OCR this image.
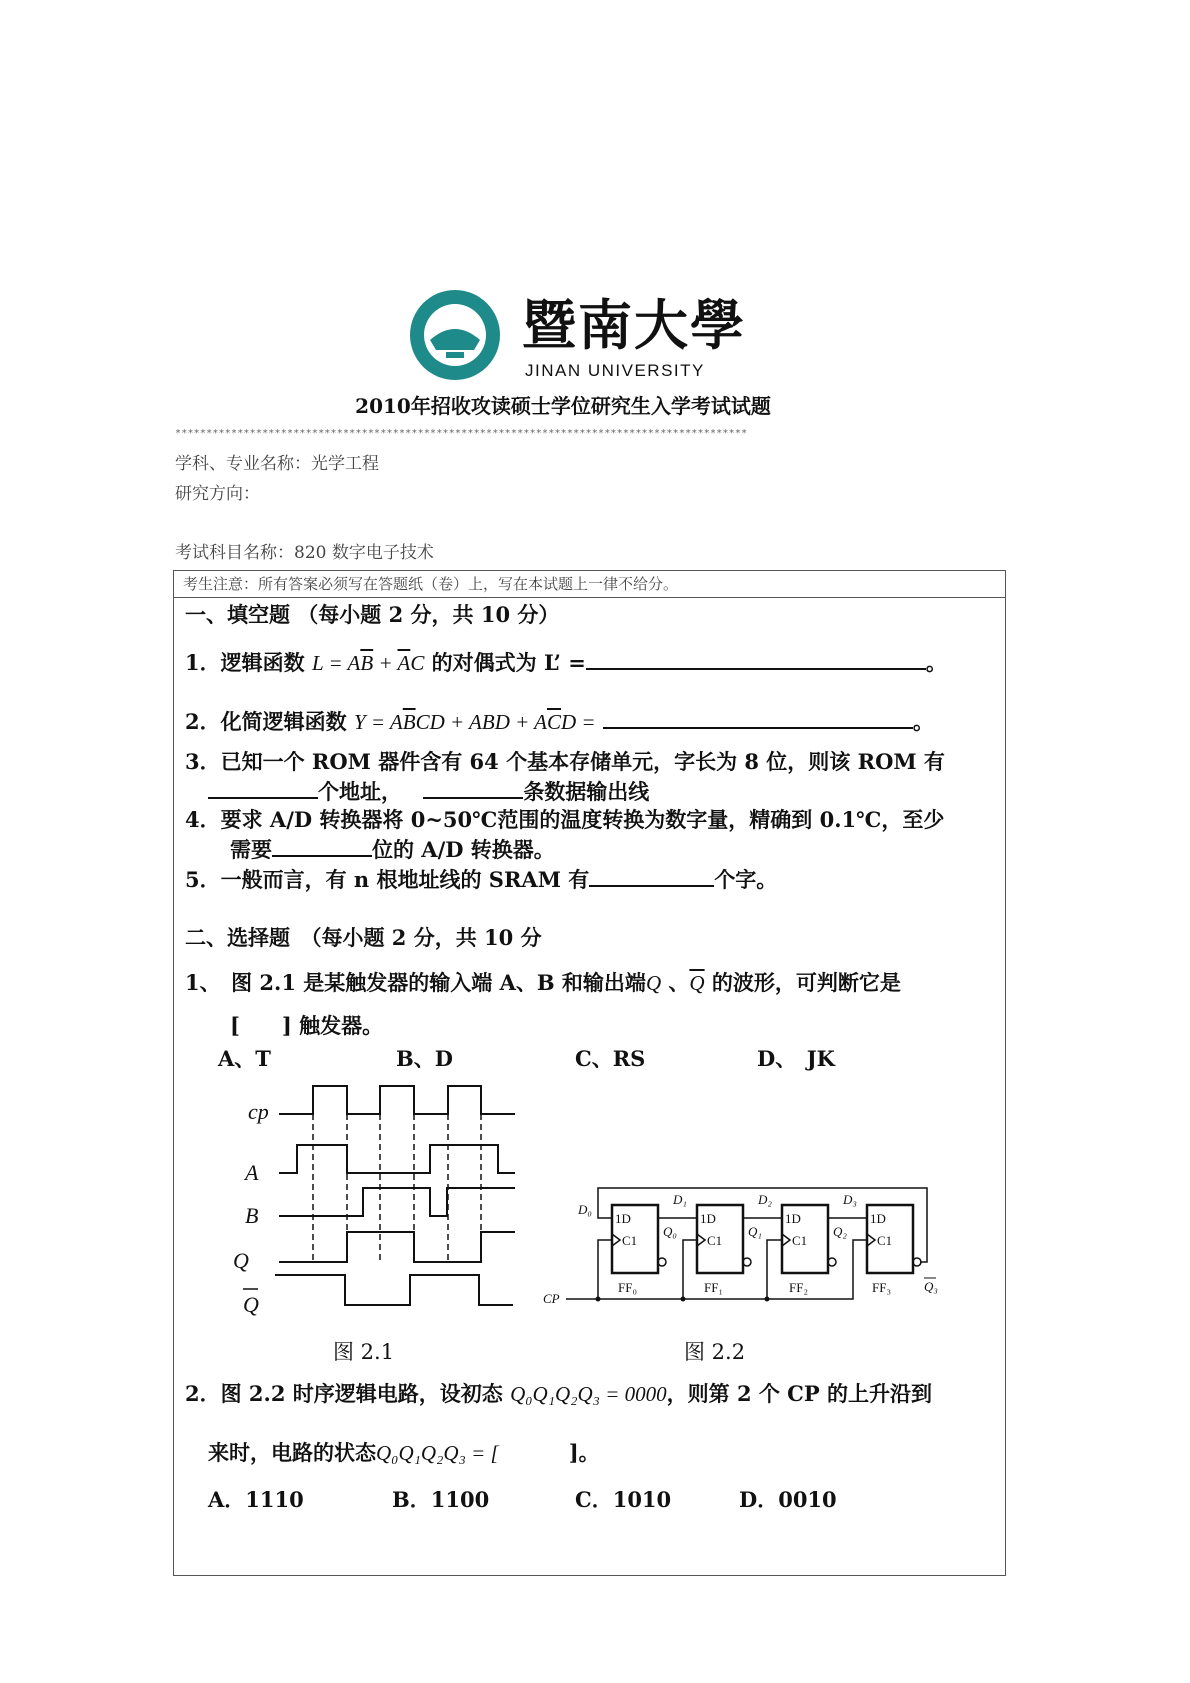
1906
暨南大學
JINAN UNIVERSITY
2010年招收攻读硕士学位研究生入学考试试题
********************************************************************************************
学科、专业名称：光学工程
研究方向：
考试科目名称：820 数字电子技术
考生注意：所有答案必须写在答题纸（卷）上，写在本试题上一律不给分。
一、填空题 （每小题 2 分，共 10 分）
1．逻辑函数 $L = A\overline{B} + \overline{A}C$ 的对偶式为 L’ =	。
2．化简逻辑函数 $Y = A\overline{B}CD$ + ABD + $A\overline{C}D$ =	。
3．已知一个 ROM 器件含有 64 个基本存储单元，字长为 8 位，则该 ROM 有
个地址，	条数据输出线
4．要求 A/D 转换器将 0~50℃范围的温度转换为数字量，精确到 0.1℃，至少
需要	位的 A/D 转换器。
5．一般而言，有 n 根地址线的 SRAM 有	个字。
二、选择题　（每小题 2 分，共 10 分
1、　图 2.1 是某触发器的输入端 A、B 和输出端Q 、$\overline{Q}$ 的波形，可判断它是
[　　] 触发器。
A、T	B、D	C、RS	D、　JK
cp
A
B
Q
Q
1D	1D	1D	1D
C1	C1	C1	C1
FF₀	FF₁	FF₂	FF₃
D₀
D₁	D₂	D₃
Q₀	Q₁	Q₂
Q₃
CP
图 2.1	图 2.2
2．图 2.2 时序逻辑电路，设初态 Q₀Q₁Q₂Q₃ = 0000，则第 2 个 CP 的上升沿到
来时，电路的状态Q₀Q₁Q₂Q₃ = [	]。
A．1110	B．1100	C．1010	D．0010
